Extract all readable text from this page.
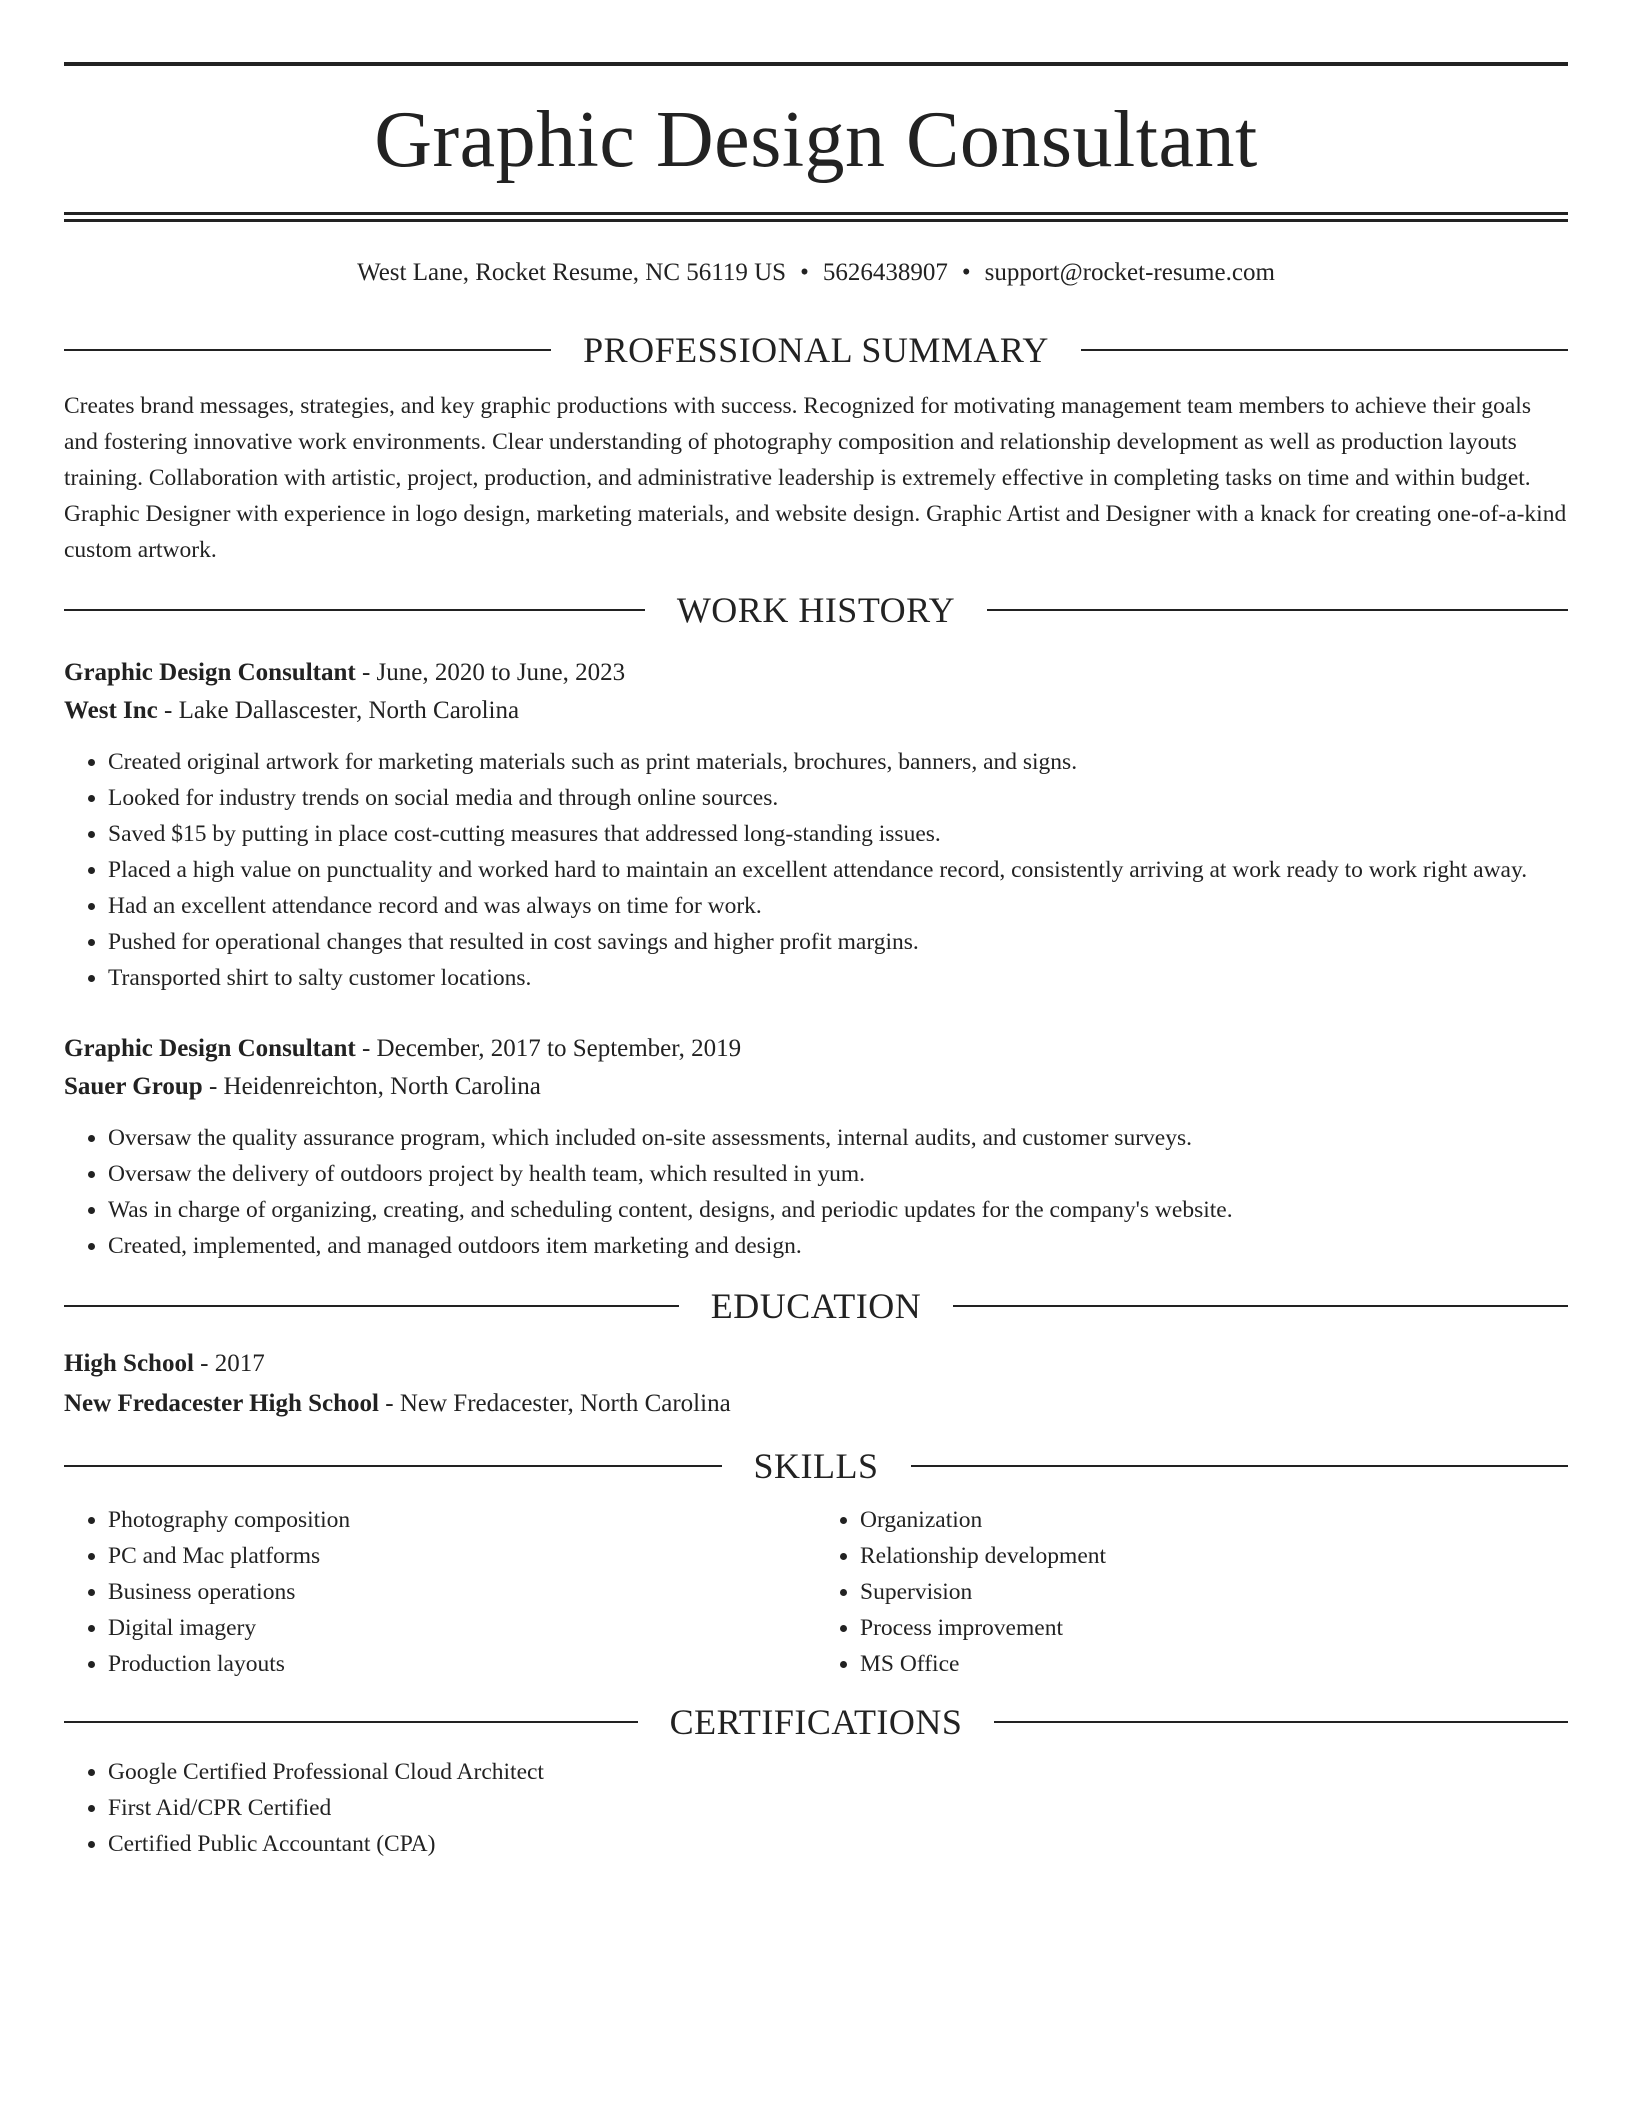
Graphic Design Consultant
West Lane, Rocket Resume, NC 56119 US • 5626438907 • support@rocket-resume.com
PROFESSIONAL SUMMARY

Creates brand messages, strategies, and key graphic productions with success. Recognized for motivating management team members to achieve their goals and fostering innovative work environments. Clear understanding of photography composition and relationship development as well as production layouts training. Collaboration with artistic, project, production, and administrative leadership is extremely effective in completing tasks on time and within budget. Graphic Designer with experience in logo design, marketing materials, and website design. Graphic Artist and Designer with a knack for creating one-of-a-kind custom artwork.

WORK HISTORY
Graphic Design Consultant - June, 2020 to June, 2023
West Inc - Lake Dallascester, North Carolina
• Created original artwork for marketing materials such as print materials, brochures, banners, and signs.
• Looked for industry trends on social media and through online sources.
• Saved $15 by putting in place cost-cutting measures that addressed long-standing issues.
• Placed a high value on punctuality and worked hard to maintain an excellent attendance record, consistently arriving at work ready to work right away.
• Had an excellent attendance record and was always on time for work.
• Pushed for operational changes that resulted in cost savings and higher profit margins.
• Transported shirt to salty customer locations.
Graphic Design Consultant - December, 2017 to September, 2019
Sauer Group - Heidenreichton, North Carolina
• Oversaw the quality assurance program, which included on-site assessments, internal audits, and customer surveys.
• Oversaw the delivery of outdoors project by health team, which resulted in yum.
• Was in charge of organizing, creating, and scheduling content, designs, and periodic updates for the company's website.
• Created, implemented, and managed outdoors item marketing and design.
EDUCATION
High School - 2017
New Fredacester High School - New Fredacester, North Carolina
SKILLS
• Photography composition
• PC and Mac platforms
• Business operations
• Digital imagery
• Production layouts
• Organization
• Relationship development
• Supervision
• Process improvement
• MS Office
CERTIFICATIONS
• Google Certified Professional Cloud Architect
• First Aid/CPR Certified
• Certified Public Accountant (CPA)
